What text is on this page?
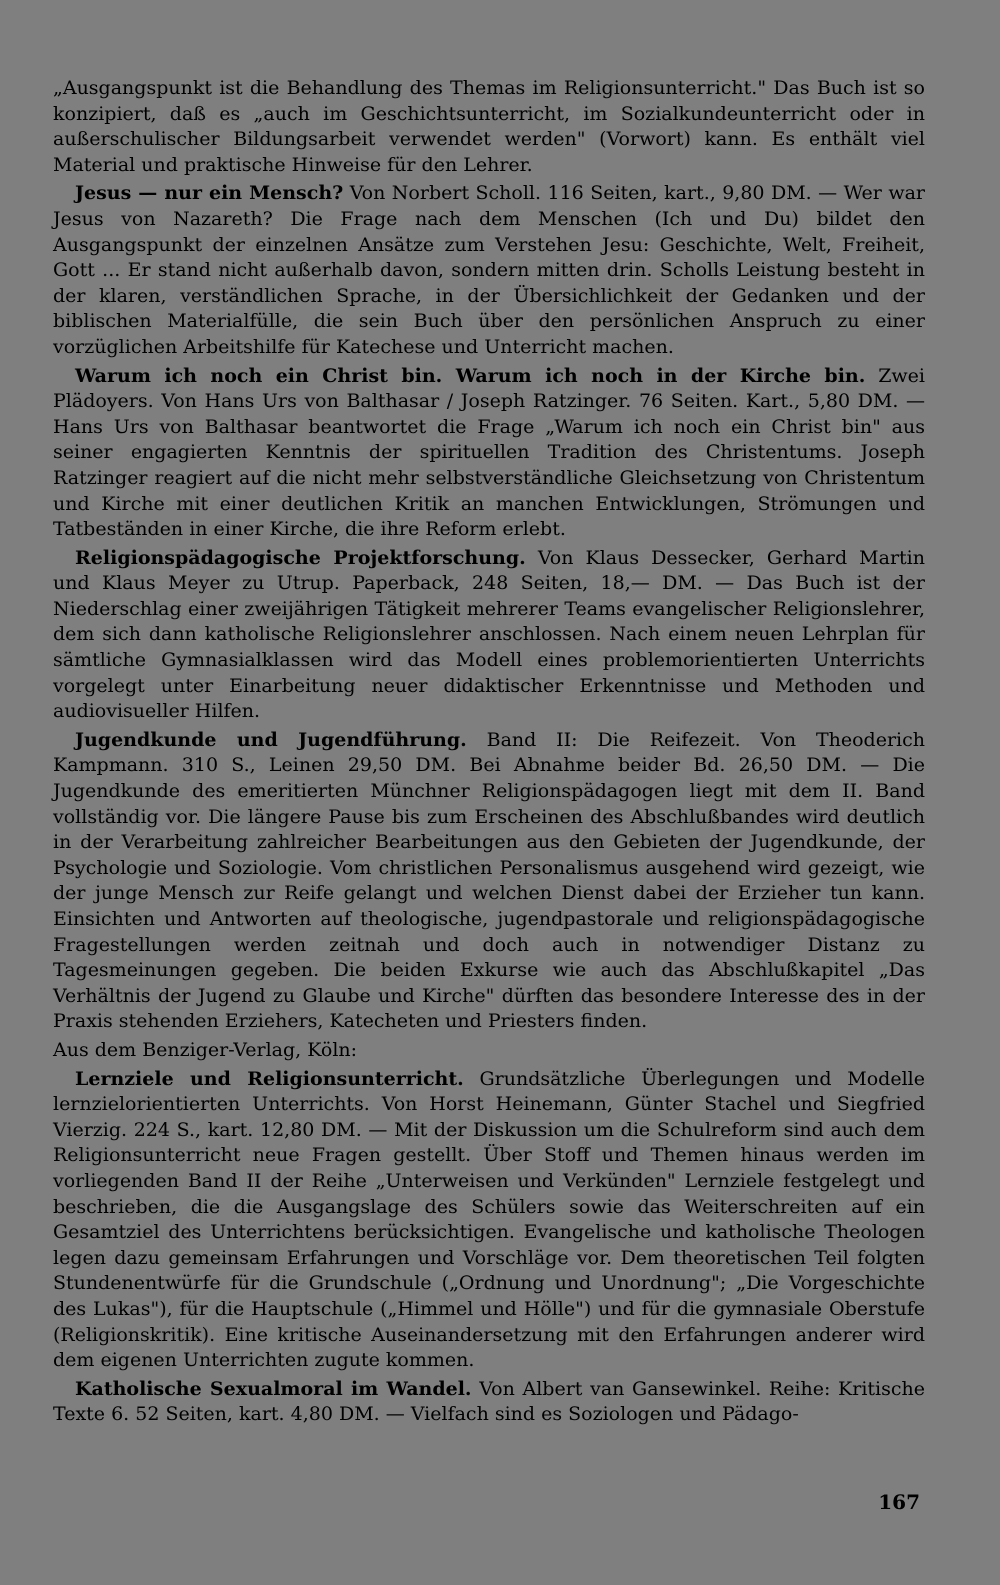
„Ausgangspunkt ist die Behandlung des Themas im Religionsunterricht." Das Buch ist so konzipiert, daß es „auch im Geschichtsunterricht, im Sozialkundeunterricht oder in außerschulischer Bildungsarbeit verwendet werden" (Vorwort) kann. Es enthält viel Material und praktische Hinweise für den Lehrer.

Jesus — nur ein Mensch? Von Norbert Scholl. 116 Seiten, kart., 9,80 DM. — Wer war Jesus von Nazareth? Die Frage nach dem Menschen (Ich und Du) bildet den Ausgangspunkt der einzelnen Ansätze zum Verstehen Jesu: Geschichte, Welt, Freiheit, Gott ... Er stand nicht außerhalb davon, sondern mitten drin. Scholls Leistung besteht in der klaren, verständlichen Sprache, in der Übersichlichkeit der Gedanken und der biblischen Materialfülle, die sein Buch über den persönlichen Anspruch zu einer vorzüglichen Arbeitshilfe für Katechese und Unterricht machen.

Warum ich noch ein Christ bin. Warum ich noch in der Kirche bin. Zwei Plädoyers. Von Hans Urs von Balthasar / Joseph Ratzinger. 76 Seiten. Kart., 5,80 DM. — Hans Urs von Balthasar beantwortet die Frage „Warum ich noch ein Christ bin" aus seiner engagierten Kenntnis der spirituellen Tradition des Christentums. Joseph Ratzinger reagiert auf die nicht mehr selbstverständliche Gleichsetzung von Christentum und Kirche mit einer deutlichen Kritik an manchen Entwicklungen, Strömungen und Tatbeständen in einer Kirche, die ihre Reform erlebt.

Religionspädagogische Projektforschung. Von Klaus Dessecker, Gerhard Martin und Klaus Meyer zu Utrup. Paperback, 248 Seiten, 18,— DM. — Das Buch ist der Niederschlag einer zweijährigen Tätigkeit mehrerer Teams evangelischer Religionslehrer, dem sich dann katholische Religionslehrer anschlossen. Nach einem neuen Lehrplan für sämtliche Gymnasialklassen wird das Modell eines problemorientierten Unterrichts vorgelegt unter Einarbeitung neuer didaktischer Erkenntnisse und Methoden und audiovisueller Hilfen.

Jugendkunde und Jugendführung. Band II: Die Reifezeit. Von Theoderich Kampmann. 310 S., Leinen 29,50 DM. Bei Abnahme beider Bd. 26,50 DM. — Die Jugendkunde des emeritierten Münchner Religionspädagogen liegt mit dem II. Band vollständig vor. Die längere Pause bis zum Erscheinen des Abschlußbandes wird deutlich in der Verarbeitung zahlreicher Bearbeitungen aus den Gebieten der Jugendkunde, der Psychologie und Soziologie. Vom christlichen Personalismus ausgehend wird gezeigt, wie der junge Mensch zur Reife gelangt und welchen Dienst dabei der Erzieher tun kann. Einsichten und Antworten auf theologische, jugendpastorale und religionspädagogische Fragestellungen werden zeitnah und doch auch in notwendiger Distanz zu Tagesmeinungen gegeben. Die beiden Exkurse wie auch das Abschlußkapitel „Das Verhältnis der Jugend zu Glaube und Kirche" dürften das besondere Interesse des in der Praxis stehenden Erziehers, Katecheten und Priesters finden.

Aus dem Benziger-Verlag, Köln:

Lernziele und Religionsunterricht. Grundsätzliche Überlegungen und Modelle lernzielorientierten Unterrichts. Von Horst Heinemann, Günter Stachel und Siegfried Vierzig. 224 S., kart. 12,80 DM. — Mit der Diskussion um die Schulreform sind auch dem Religionsunterricht neue Fragen gestellt. Über Stoff und Themen hinaus werden im vorliegenden Band II der Reihe „Unterweisen und Verkünden" Lernziele festgelegt und beschrieben, die die Ausgangslage des Schülers sowie das Weiterschreiten auf ein Gesamtziel des Unterrichtens berücksichtigen. Evangelische und katholische Theologen legen dazu gemeinsam Erfahrungen und Vorschläge vor. Dem theoretischen Teil folgten Stundenentwürfe für die Grundschule („Ordnung und Unordnung"; „Die Vorgeschichte des Lukas"), für die Hauptschule („Himmel und Hölle") und für die gymnasiale Oberstufe (Religionskritik). Eine kritische Auseinandersetzung mit den Erfahrungen anderer wird dem eigenen Unterrichten zugute kommen.

Katholische Sexualmoral im Wandel. Von Albert van Gansewinkel. Reihe: Kritische Texte 6. 52 Seiten, kart. 4,80 DM. — Vielfach sind es Soziologen und Pädago-

167
